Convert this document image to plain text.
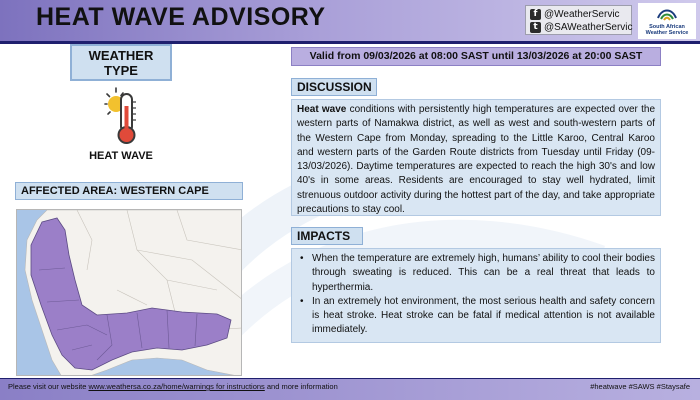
HEAT WAVE ADVISORY	f @WeatherServic
t @SAWeatherServic	South African
Weather Service
WEATHER
TYPE
HEAT WAVE
AFFECTED AREA: WESTERN CAPE
Valid from 09/03/2026 at 08:00 SAST until 13/03/2026 at 20:00 SAST
DISCUSSION

Heat wave conditions with persistently high temperatures are expected over the western parts of Namakwa district, as well as west and south-western parts of the Western Cape from Monday, spreading to the Little Karoo, Central Karoo and western parts of the Garden Route districts from Tuesday until Friday (09-13/03/2026). Daytime temperatures are expected to reach the high 30's and low 40's in some areas. Residents are encouraged to stay well hydrated, limit strenuous outdoor activity during the hottest part of the day, and take appropriate precautions to stay cool.

IMPACTS
• When the temperature are extremely high, humans’ ability to cool their bodies through sweating is reduced. This can be a real threat that leads to hyperthermia.
• In an extremely hot environment, the most serious health and safety concern is heat stroke. Heat stroke can be fatal if medical attention is not available immediately.
Please visit our website www.weathersa.co.za/home/warnings for instructions and more information	#heatwave #SAWS #Staysafe
